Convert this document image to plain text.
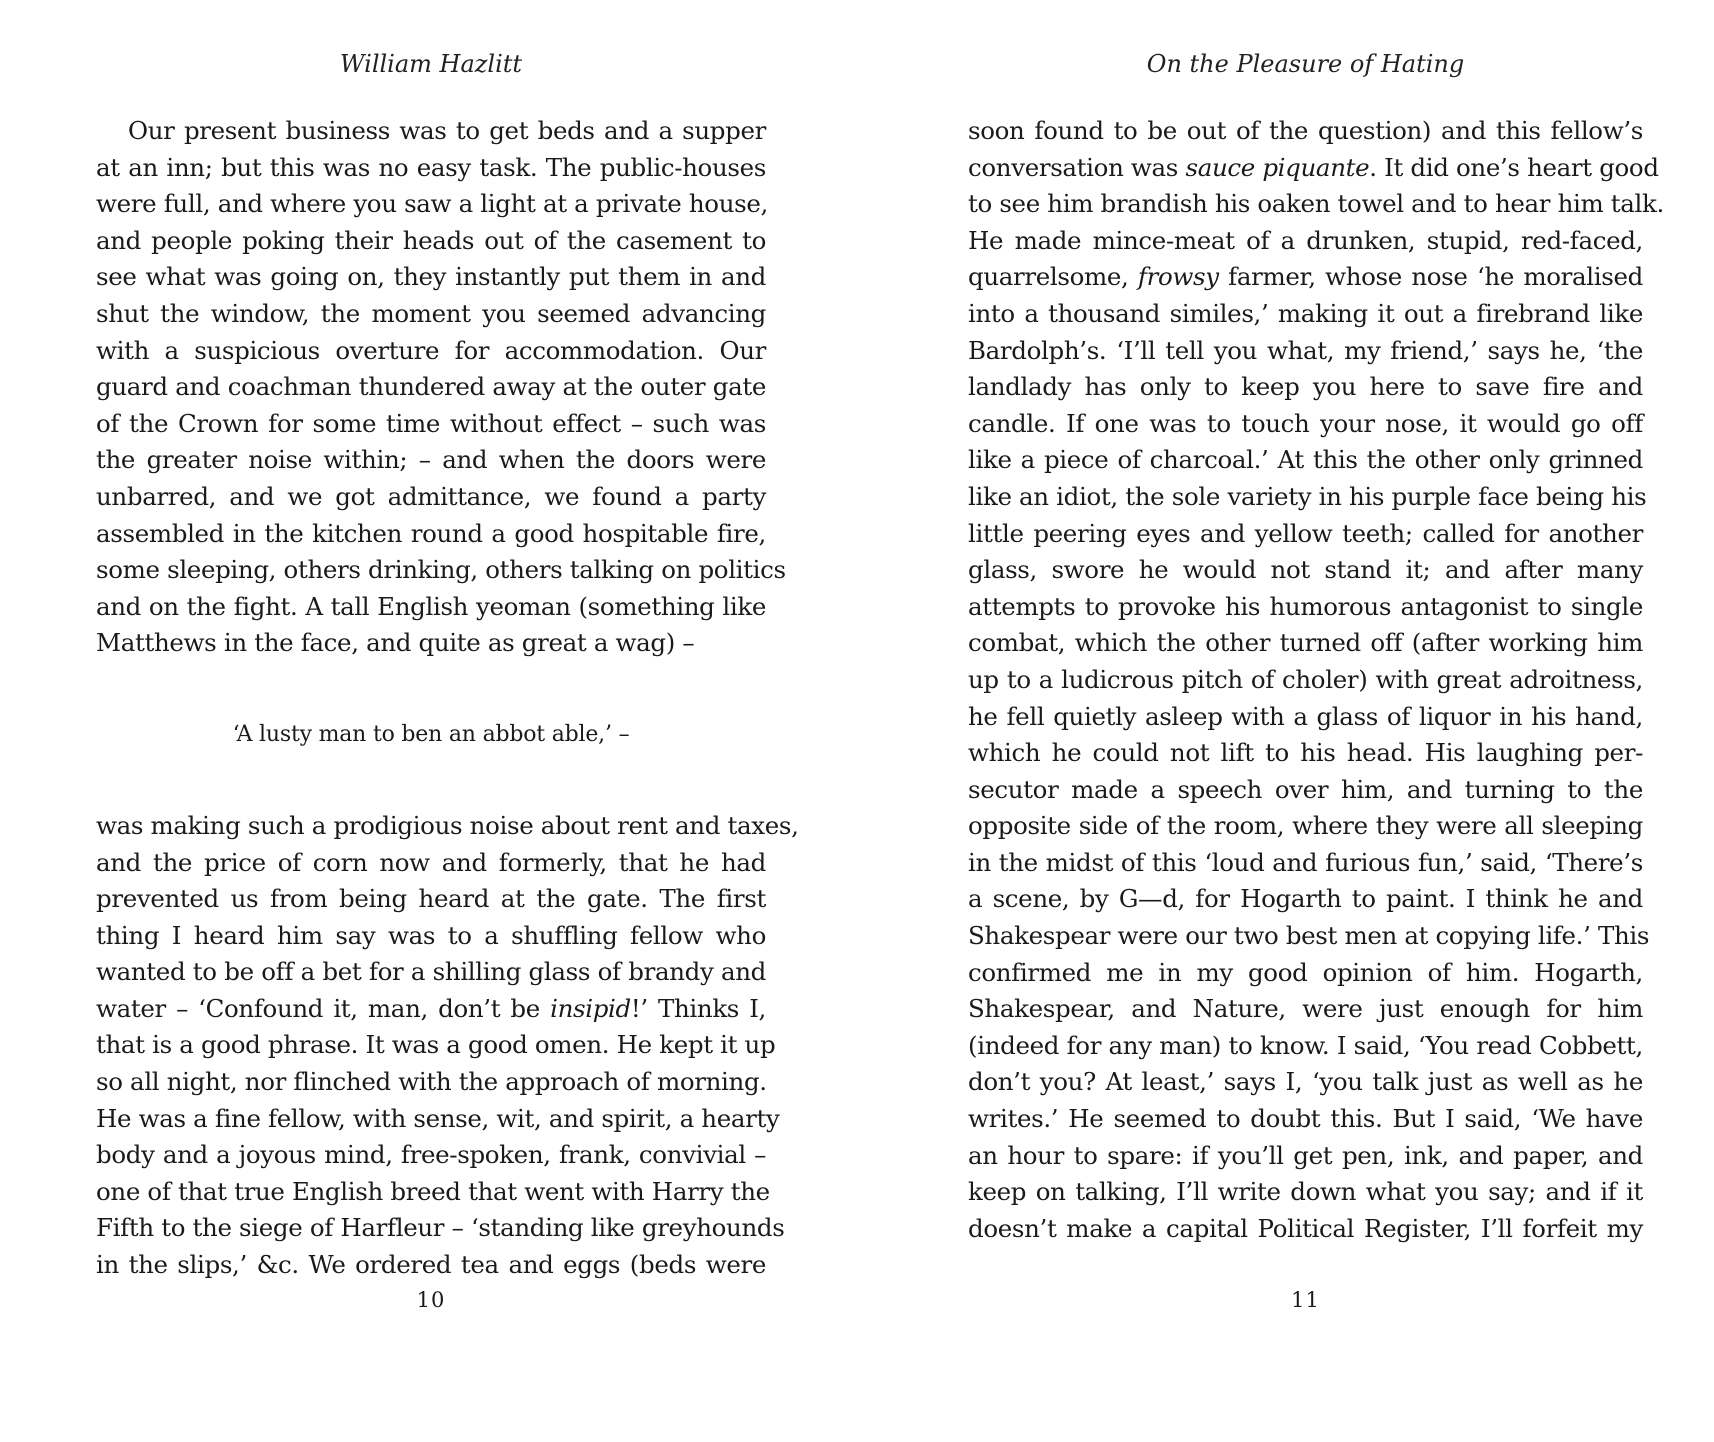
William Hazlitt
Our present business was to get beds and a supper
at an inn; but this was no easy task. The public-houses
were full, and where you saw a light at a private house,
and people poking their heads out of the casement to
see what was going on, they instantly put them in and
shut the window, the moment you seemed advancing
with a suspicious overture for accommodation. Our
guard and coachman thundered away at the outer gate
of the Crown for some time without effect – such was
the greater noise within; – and when the doors were
unbarred, and we got admittance, we found a party
assembled in the kitchen round a good hospitable fire,
some sleeping, others drinking, others talking on politics
and on the fight. A tall English yeoman (something like
Matthews in the face, and quite as great a wag) –
‘A lusty man to ben an abbot able,’ –
was making such a prodigious noise about rent and taxes,
and the price of corn now and formerly, that he had
prevented us from being heard at the gate. The first
thing I heard him say was to a shuffling fellow who
wanted to be off a bet for a shilling glass of brandy and
water – ‘Confound it, man, don’t be insipid!’ Thinks I,
that is a good phrase. It was a good omen. He kept it up
so all night, nor flinched with the approach of morning.
He was a fine fellow, with sense, wit, and spirit, a hearty
body and a joyous mind, free-spoken, frank, convivial –
one of that true English breed that went with Harry the
Fifth to the siege of Harfleur – ‘standing like greyhounds
in the slips,’ &c. We ordered tea and eggs (beds were
10
On the Pleasure of Hating
soon found to be out of the question) and this fellow’s
conversation was sauce piquante. It did one’s heart good
to see him brandish his oaken towel and to hear him talk.
He made mince-meat of a drunken, stupid, red-faced,
quarrelsome, frowsy farmer, whose nose ‘he moralised
into a thousand similes,’ making it out a firebrand like
Bardolph’s. ‘I’ll tell you what, my friend,’ says he, ‘the
landlady has only to keep you here to save fire and
candle. If one was to touch your nose, it would go off
like a piece of charcoal.’ At this the other only grinned
like an idiot, the sole variety in his purple face being his
little peering eyes and yellow teeth; called for another
glass, swore he would not stand it; and after many
attempts to provoke his humorous antagonist to single
combat, which the other turned off (after working him
up to a ludicrous pitch of choler) with great adroitness,
he fell quietly asleep with a glass of liquor in his hand,
which he could not lift to his head. His laughing per-
secutor made a speech over him, and turning to the
opposite side of the room, where they were all sleeping
in the midst of this ‘loud and furious fun,’ said, ‘There’s
a scene, by G—d, for Hogarth to paint. I think he and
Shakespear were our two best men at copying life.’ This
confirmed me in my good opinion of him. Hogarth,
Shakespear, and Nature, were just enough for him
(indeed for any man) to know. I said, ‘You read Cobbett,
don’t you? At least,’ says I, ‘you talk just as well as he
writes.’ He seemed to doubt this. But I said, ‘We have
an hour to spare: if you’ll get pen, ink, and paper, and
keep on talking, I’ll write down what you say; and if it
doesn’t make a capital Political Register, I’ll forfeit my
11
